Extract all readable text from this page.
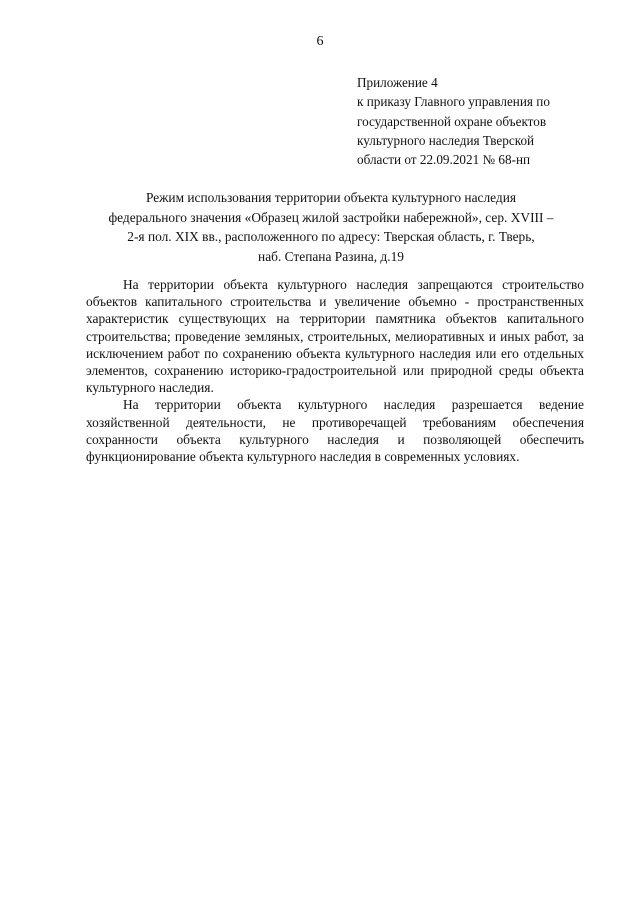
6
Приложение 4
к приказу Главного управления по
государственной охране объектов
культурного наследия Тверской
области от 22.09.2021 № 68-нп
Режим использования территории объекта культурного наследия
федерального значения «Образец жилой застройки набережной», сер. XVIII –
2-я пол. XIX вв., расположенного по адресу: Тверская область, г. Тверь,
наб. Степана Разина, д.19

На территории объекта культурного наследия запрещаются строительство объектов капитального строительства и увеличение объемно - пространственных характеристик существующих на территории памятника объектов капитального строительства; проведение земляных, строительных, мелиоративных и иных работ, за исключением работ по сохранению объекта культурного наследия или его отдельных элементов, сохранению историко-градостроительной или природной среды объекта культурного наследия.

На территории объекта культурного наследия разрешается ведение хозяйственной деятельности, не противоречащей требованиям обеспечения сохранности объекта культурного наследия и позволяющей обеспечить функционирование объекта культурного наследия в современных условиях.
